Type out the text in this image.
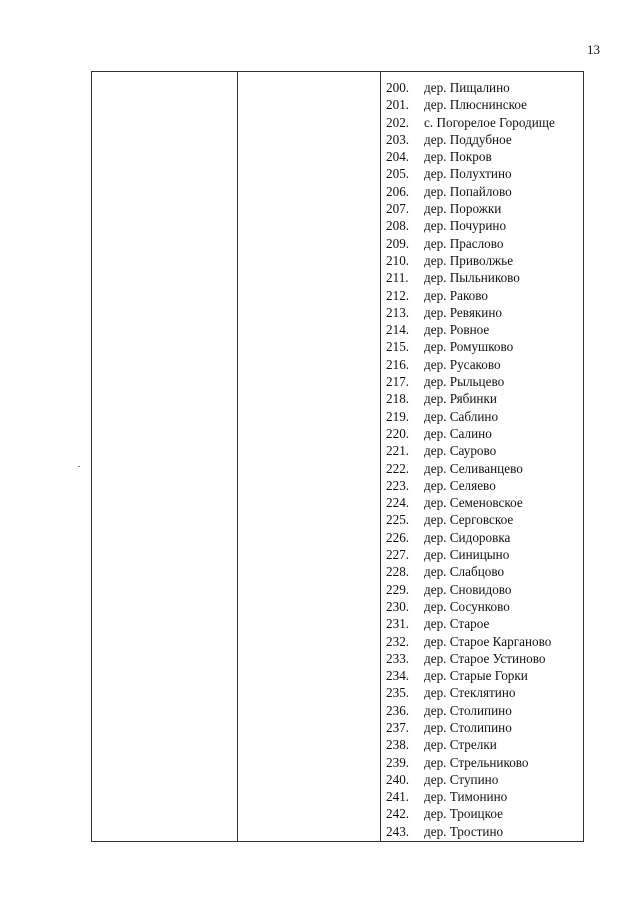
13
200. дер. Пищалино
201. дер. Плюснинское
202. с. Погорелое Городище
203. дер. Поддубное
204. дер. Покров
205. дер. Полухтино
206. дер. Попайлово
207. дер. Порожки
208. дер. Почурино
209. дер. Праслово
210. дер. Приволжье
211. дер. Пыльниково
212. дер. Раково
213. дер. Ревякино
214. дер. Ровное
215. дер. Ромушково
216. дер. Русаково
217. дер. Рыльцево
218. дер. Рябинки
219. дер. Саблино
220. дер. Салино
221. дер. Саурово
222. дер. Селиванцево
223. дер. Селяево
224. дер. Семеновское
225. дер. Серговское
226. дер. Сидоровка
227. дер. Синицыно
228. дер. Слабцово
229. дер. Сновидово
230. дер. Сосунково
231. дер. Старое
232. дер. Старое Карганово
233. дер. Старое Устиново
234. дер. Старые Горки
235. дер. Стеклятино
236. дер. Столипино
237. дер. Столипино
238. дер. Стрелки
239. дер. Стрельниково
240. дер. Ступино
241. дер. Тимонино
242. дер. Троицкое
243. дер. Тростино
